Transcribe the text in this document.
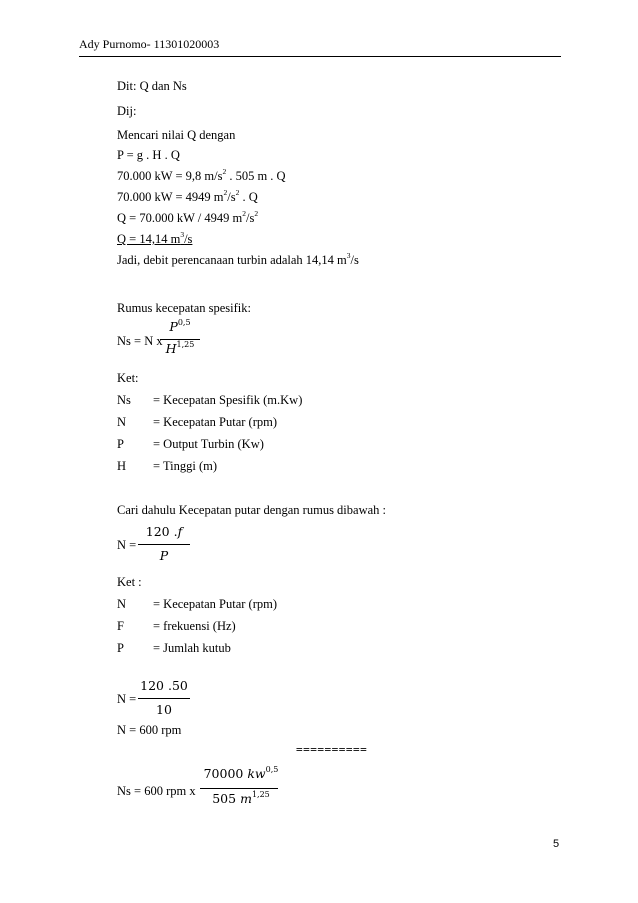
Ady Purnomo- 11301020003
Dit: Q dan Ns
Dij:
Mencari nilai Q dengan
P = g . H . Q
70.000 kW = 9,8 $m/s^2$ . 505 m . Q
70.000 kW = 4949 $m^2/s^2$ . Q
Q = 70.000 kW / 4949 $m^2/s^2$
Q = 14,14 $m^3/s$
Jadi, debit perencanaan turbin adalah 14,14 $m^3/s$
Rumus kecepatan spesifik:
Ns = N x
P$^{0,5}$
H$^{1,25}$
Ket:
Ns = Kecepatan Spesifik (m.Kw)
N = Kecepatan Putar (rpm)
P = Output Turbin (Kw)
H = Tinggi (m)
Cari dahulu Kecepatan putar dengan rumus dibawah :
N =
120 .f
P
Ket :
N = Kecepatan Putar (rpm)
F = frekuensi (Hz)
P = Jumlah kutub
N =
120 .50
10
N = 600 rpm
==========
Ns = 600 rpm x
70000 kw$^{0,5}$
505 $m^{1,25}$
5
